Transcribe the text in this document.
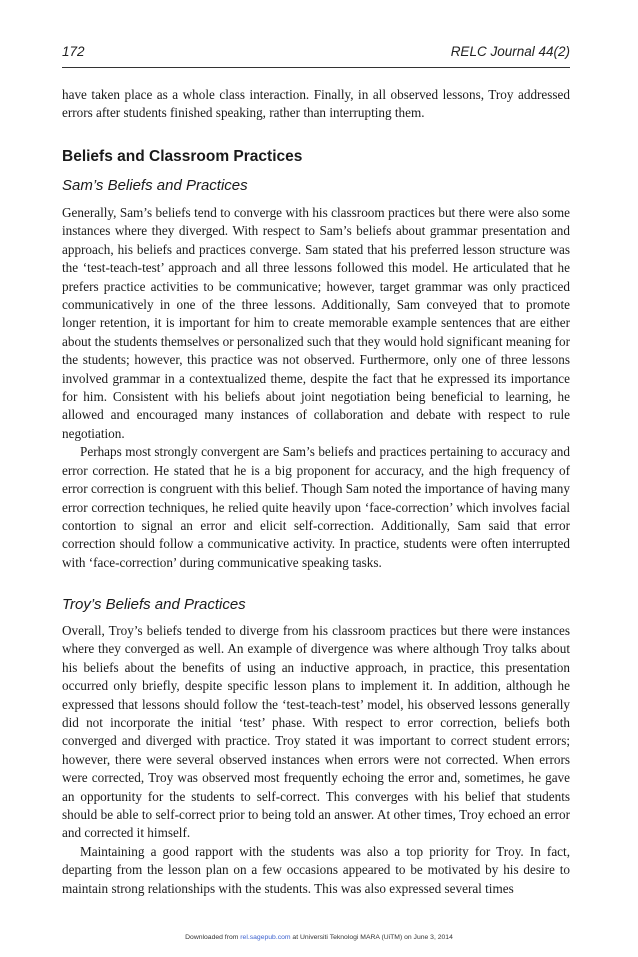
172	RELC Journal 44(2)

have taken place as a whole class interaction. Finally, in all observed lessons, Troy addressed errors after students finished speaking, rather than interrupting them.

Beliefs and Classroom Practices
Sam’s Beliefs and Practices

Generally, Sam’s beliefs tend to converge with his classroom practices but there were also some instances where they diverged. With respect to Sam’s beliefs about grammar presentation and approach, his beliefs and practices converge. Sam stated that his preferred lesson structure was the ‘test-teach-test’ approach and all three lessons followed this model. He articulated that he prefers practice activities to be communicative; however, target grammar was only practiced communicatively in one of the three lessons. Additionally, Sam conveyed that to promote longer retention, it is important for him to create memorable example sentences that are either about the students themselves or personalized such that they would hold significant meaning for the students; however, this practice was not observed. Furthermore, only one of three lessons involved grammar in a contextualized theme, despite the fact that he expressed its importance for him. Consistent with his beliefs about joint negotiation being beneficial to learning, he allowed and encouraged many instances of collaboration and debate with respect to rule negotiation.

Perhaps most strongly convergent are Sam’s beliefs and practices pertaining to accuracy and error correction. He stated that he is a big proponent for accuracy, and the high frequency of error correction is congruent with this belief. Though Sam noted the importance of having many error correction techniques, he relied quite heavily upon ‘face-correction’ which involves facial contortion to signal an error and elicit self-correction. Additionally, Sam said that error correction should follow a communicative activity. In practice, students were often interrupted with ‘face-correction’ during communicative speaking tasks.

Troy’s Beliefs and Practices

Overall, Troy’s beliefs tended to diverge from his classroom practices but there were instances where they converged as well. An example of divergence was where although Troy talks about his beliefs about the benefits of using an inductive approach, in practice, this presentation occurred only briefly, despite specific lesson plans to implement it. In addition, although he expressed that lessons should follow the ‘test-teach-test’ model, his observed lessons generally did not incorporate the initial ‘test’ phase. With respect to error correction, beliefs both converged and diverged with practice. Troy stated it was important to correct student errors; however, there were several observed instances when errors were not corrected. When errors were corrected, Troy was observed most frequently echoing the error and, sometimes, he gave an opportunity for the students to self-correct. This converges with his belief that students should be able to self-correct prior to being told an answer. At other times, Troy echoed an error and corrected it himself.

Maintaining a good rapport with the students was also a top priority for Troy. In fact, departing from the lesson plan on a few occasions appeared to be motivated by his desire to maintain strong relationships with the students. This was also expressed several times

Downloaded from rel.sagepub.com at Universiti Teknologi MARA (UiTM) on June 3, 2014
